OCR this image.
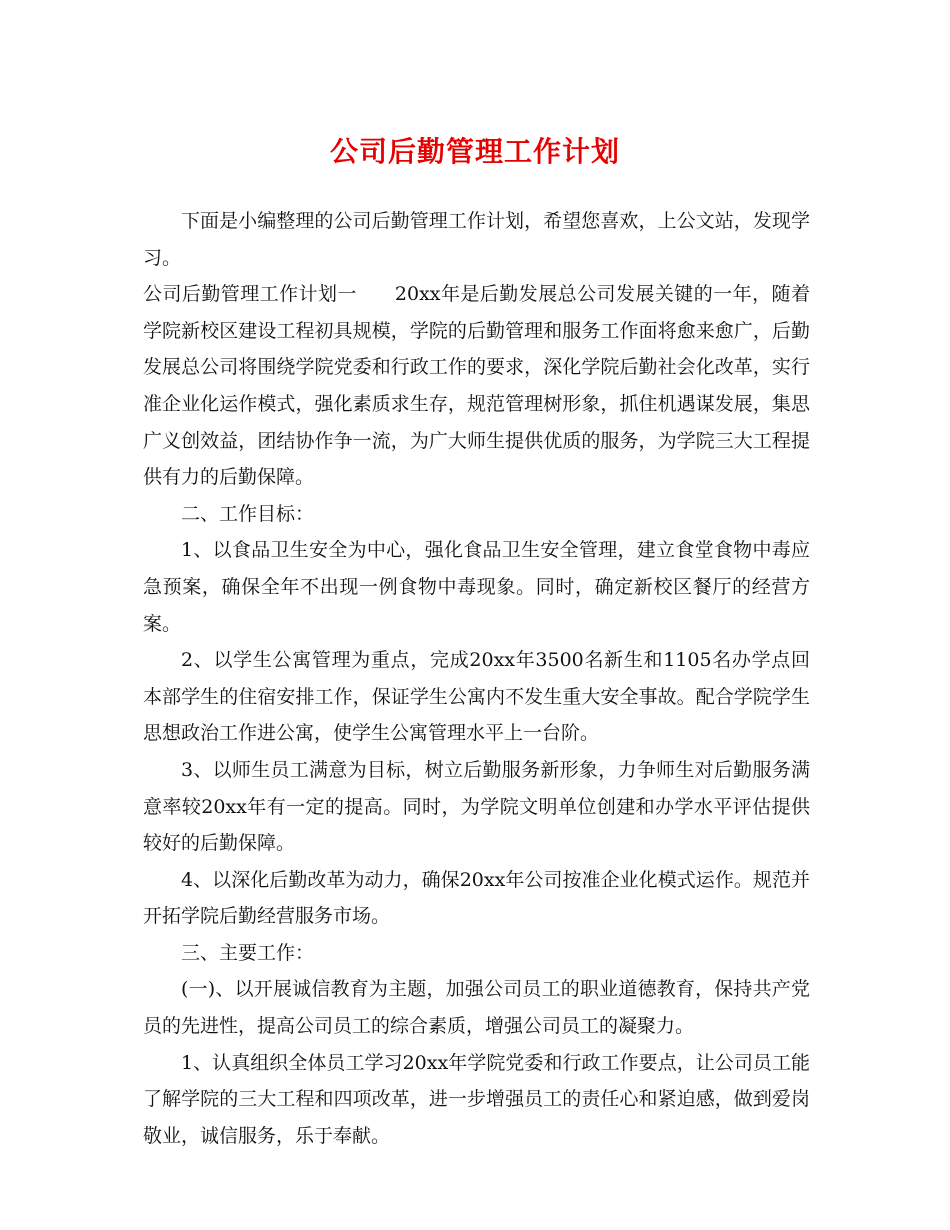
公司后勤管理工作计划

下面是小编整理的公司后勤管理工作计划，希望您喜欢，上公文站，发现学习。

公司后勤管理工作计划一 20xx年是后勤发展总公司发展关键的一年，随着学院新校区建设工程初具规模，学院的后勤管理和服务工作面将愈来愈广，后勤发展总公司将围绕学院党委和行政工作的要求，深化学院后勤社会化改革，实行准企业化运作模式，强化素质求生存，规范管理树形象，抓住机遇谋发展，集思广义创效益，团结协作争一流，为广大师生提供优质的服务，为学院三大工程提供有力的后勤保障。

二、工作目标：

1、以食品卫生安全为中心，强化食品卫生安全管理，建立食堂食物中毒应急预案，确保全年不出现一例食物中毒现象。同时，确定新校区餐厅的经营方案。

2、以学生公寓管理为重点，完成20xx年3500名新生和1105名办学点回本部学生的住宿安排工作，保证学生公寓内不发生重大安全事故。配合学院学生思想政治工作进公寓，使学生公寓管理水平上一台阶。

3、以师生员工满意为目标，树立后勤服务新形象，力争师生对后勤服务满意率较20xx年有一定的提高。同时，为学院文明单位创建和办学水平评估提供较好的后勤保障。

4、以深化后勤改革为动力，确保20xx年公司按准企业化模式运作。规范并开拓学院后勤经营服务市场。

三、主要工作：

(一)、以开展诚信教育为主题，加强公司员工的职业道德教育，保持共产党员的先进性，提高公司员工的综合素质，增强公司员工的凝聚力。

1、认真组织全体员工学习20xx年学院党委和行政工作要点，让公司员工能了解学院的三大工程和四项改革，进一步增强员工的责任心和紧迫感，做到爱岗敬业，诚信服务，乐于奉献。
